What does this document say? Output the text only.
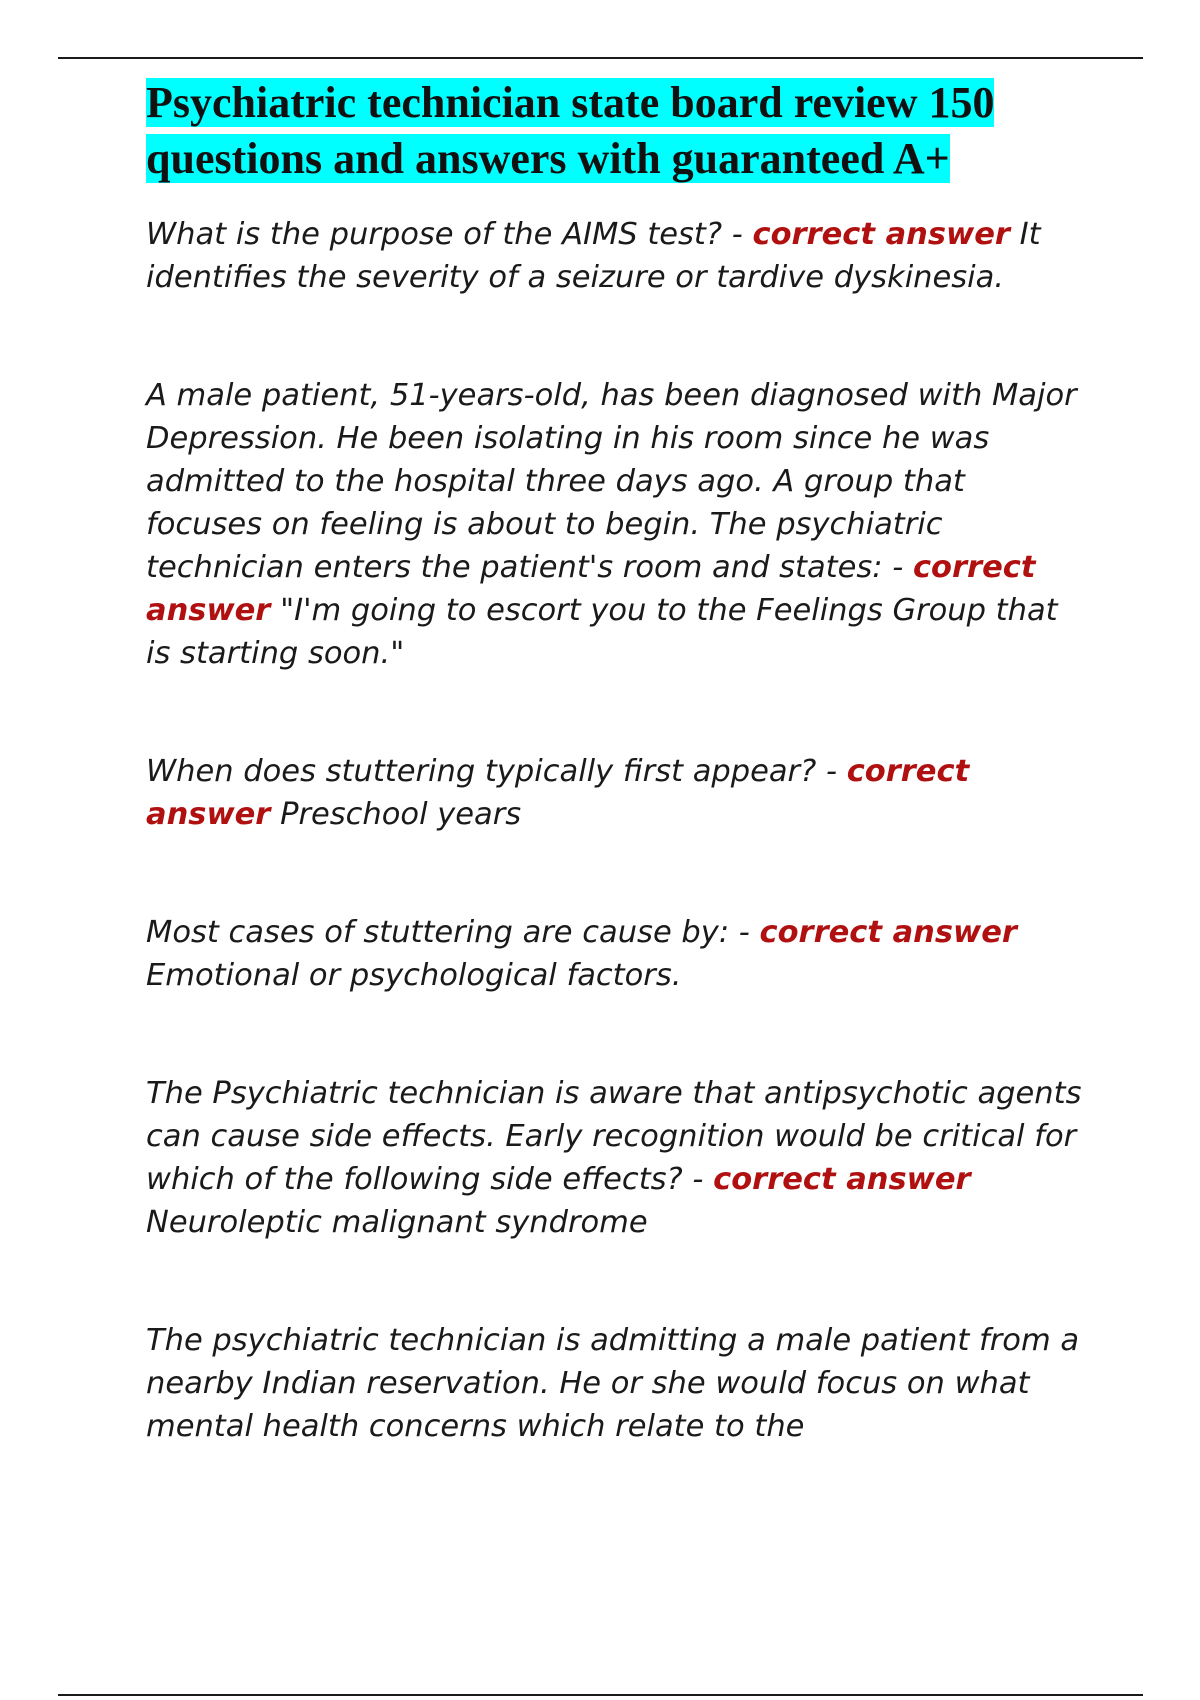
Psychiatric technician state board review 150 questions and answers with guaranteed A+

What is the purpose of the AIMS test? - correct answer It identifies the severity of a seizure or tardive dyskinesia.

A male patient, 51-years-old, has been diagnosed with Major Depression. He been isolating in his room since he was admitted to the hospital three days ago. A group that focuses on feeling is about to begin. The psychiatric technician enters the patient's room and states: - correct answer "I'm going to escort you to the Feelings Group that is starting soon."

When does stuttering typically first appear? - correct answer Preschool years

Most cases of stuttering are cause by: - correct answer Emotional or psychological factors.

The Psychiatric technician is aware that antipsychotic agents can cause side effects. Early recognition would be critical for which of the following side effects? - correct answer Neuroleptic malignant syndrome

The psychiatric technician is admitting a male patient from a nearby Indian reservation. He or she would focus on what mental health concerns which relate to the
